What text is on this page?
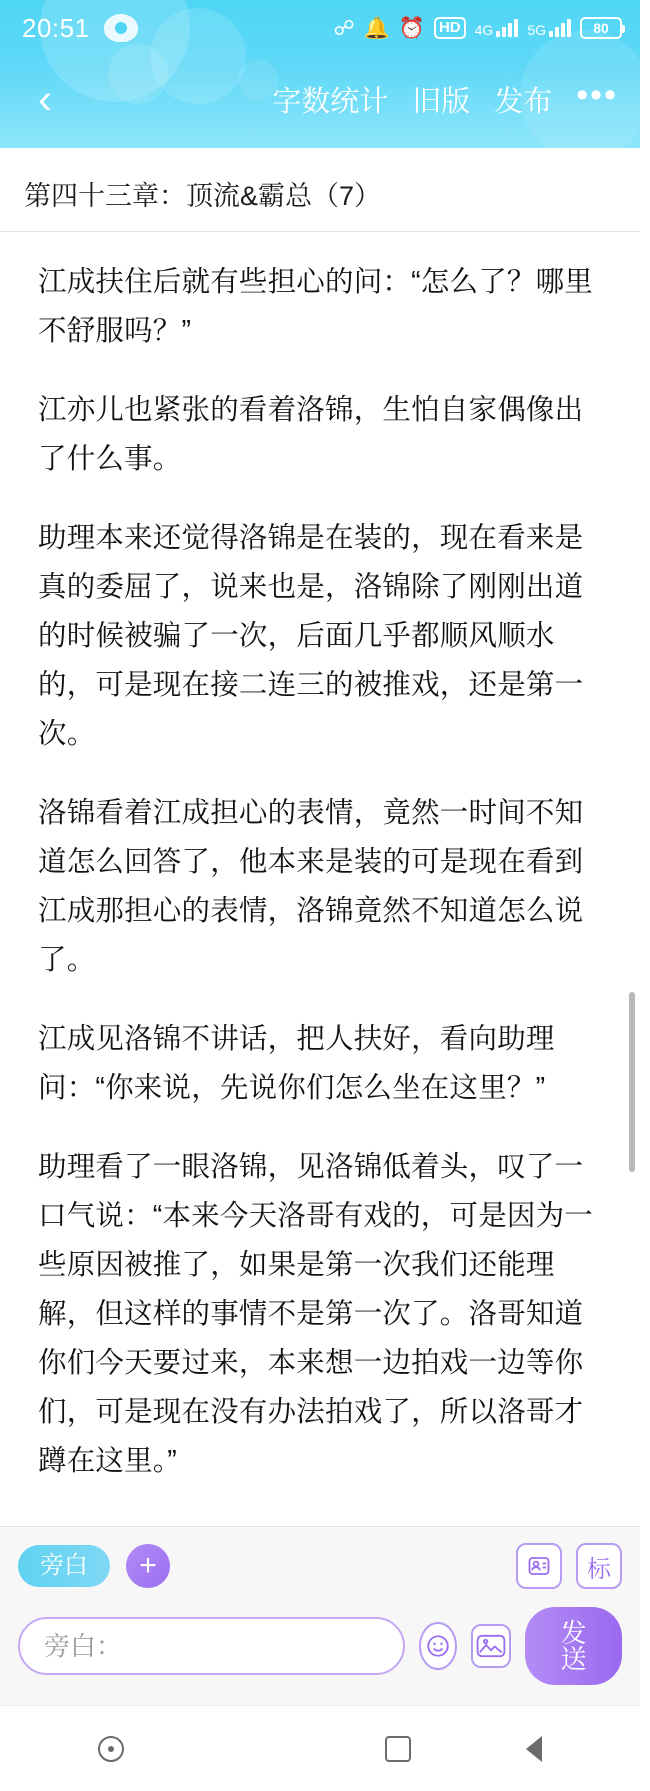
20:51	☍ 🔔 ⏰ HD	4G 5G	80
‹	字数统计 旧版 发布 •••
第四十三章：顶流&霸总（7）

江成扶住后就有些担心的问：“怎么了？哪里不舒服吗？”

江亦儿也紧张的看着洛锦，生怕自家偶像出了什么事。

助理本来还觉得洛锦是在装的，现在看来是真的委屈了，说来也是，洛锦除了刚刚出道的时候被骗了一次，后面几乎都顺风顺水的，可是现在接二连三的被推戏，还是第一次。

洛锦看着江成担心的表情，竟然一时间不知道怎么回答了，他本来是装的可是现在看到江成那担心的表情，洛锦竟然不知道怎么说了。

江成见洛锦不讲话，把人扶好，看向助理问：“你来说，先说你们怎么坐在这里？”

助理看了一眼洛锦，见洛锦低着头，叹了一口气说：“本来今天洛哥有戏的，可是因为一些原因被推了，如果是第一次我们还能理解，但这样的事情不是第一次了。洛哥知道你们今天要过来，本来想一边拍戏一边等你们，可是现在没有办法拍戏了，所以洛哥才蹲在这里。”

旁白	+	标
旁白：
发送
